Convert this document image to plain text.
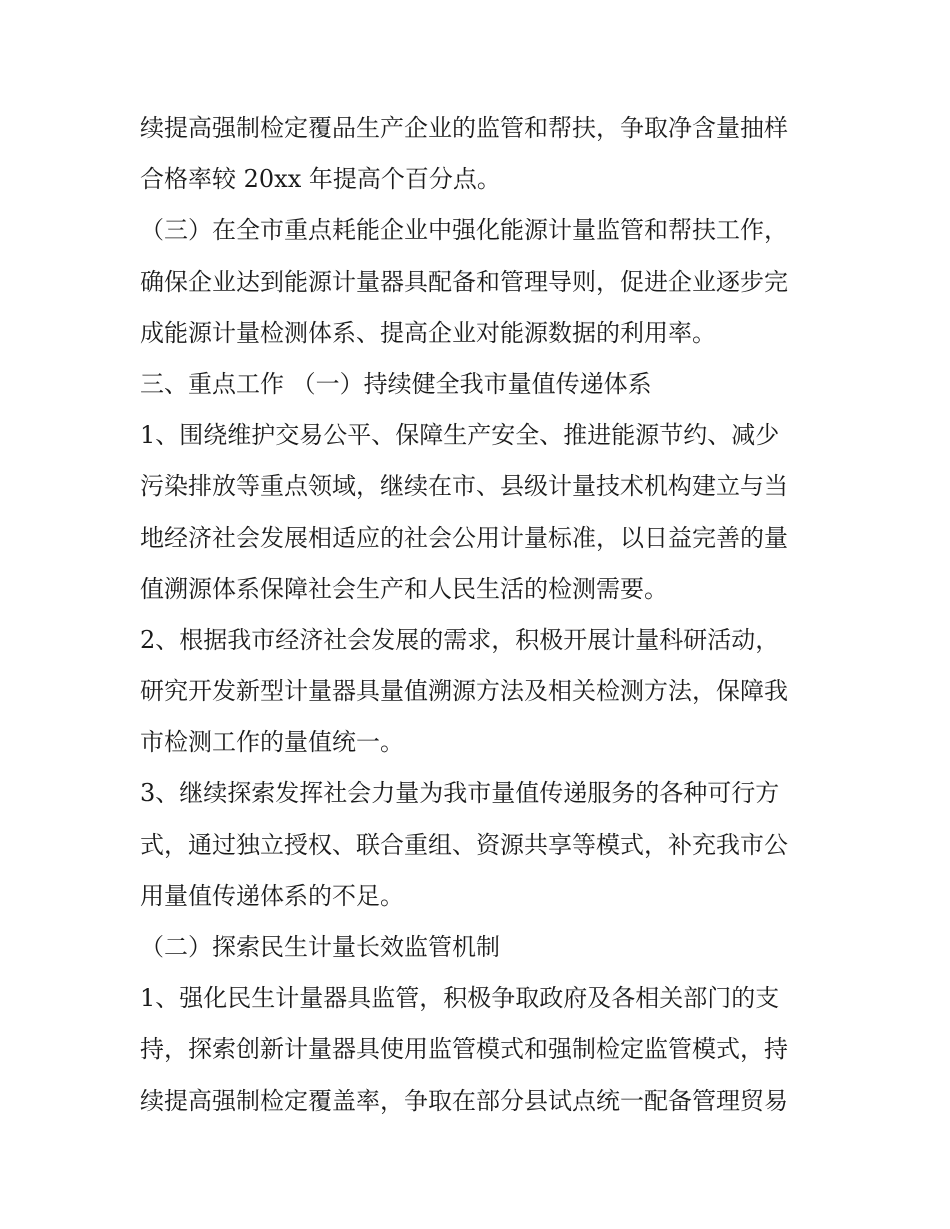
续提高强制检定覆品生产企业的监管和帮扶，争取净含量抽样
合格率较 20xx 年提高个百分点。
（三）在全市重点耗能企业中强化能源计量监管和帮扶工作，
确保企业达到能源计量器具配备和管理导则，促进企业逐步完
成能源计量检测体系、提高企业对能源数据的利用率。
三、重点工作 （一）持续健全我市量值传递体系
1、围绕维护交易公平、保障生产安全、推进能源节约、减少
污染排放等重点领域，继续在市、县级计量技术机构建立与当
地经济社会发展相适应的社会公用计量标准，以日益完善的量
值溯源体系保障社会生产和人民生活的检测需要。
2、根据我市经济社会发展的需求，积极开展计量科研活动，
研究开发新型计量器具量值溯源方法及相关检测方法，保障我
市检测工作的量值统一。
3、继续探索发挥社会力量为我市量值传递服务的各种可行方
式，通过独立授权、联合重组、资源共享等模式，补充我市公
用量值传递体系的不足。
（二）探索民生计量长效监管机制
1、强化民生计量器具监管，积极争取政府及各相关部门的支
持，探索创新计量器具使用监管模式和强制检定监管模式，持
续提高强制检定覆盖率，争取在部分县试点统一配备管理贸易
